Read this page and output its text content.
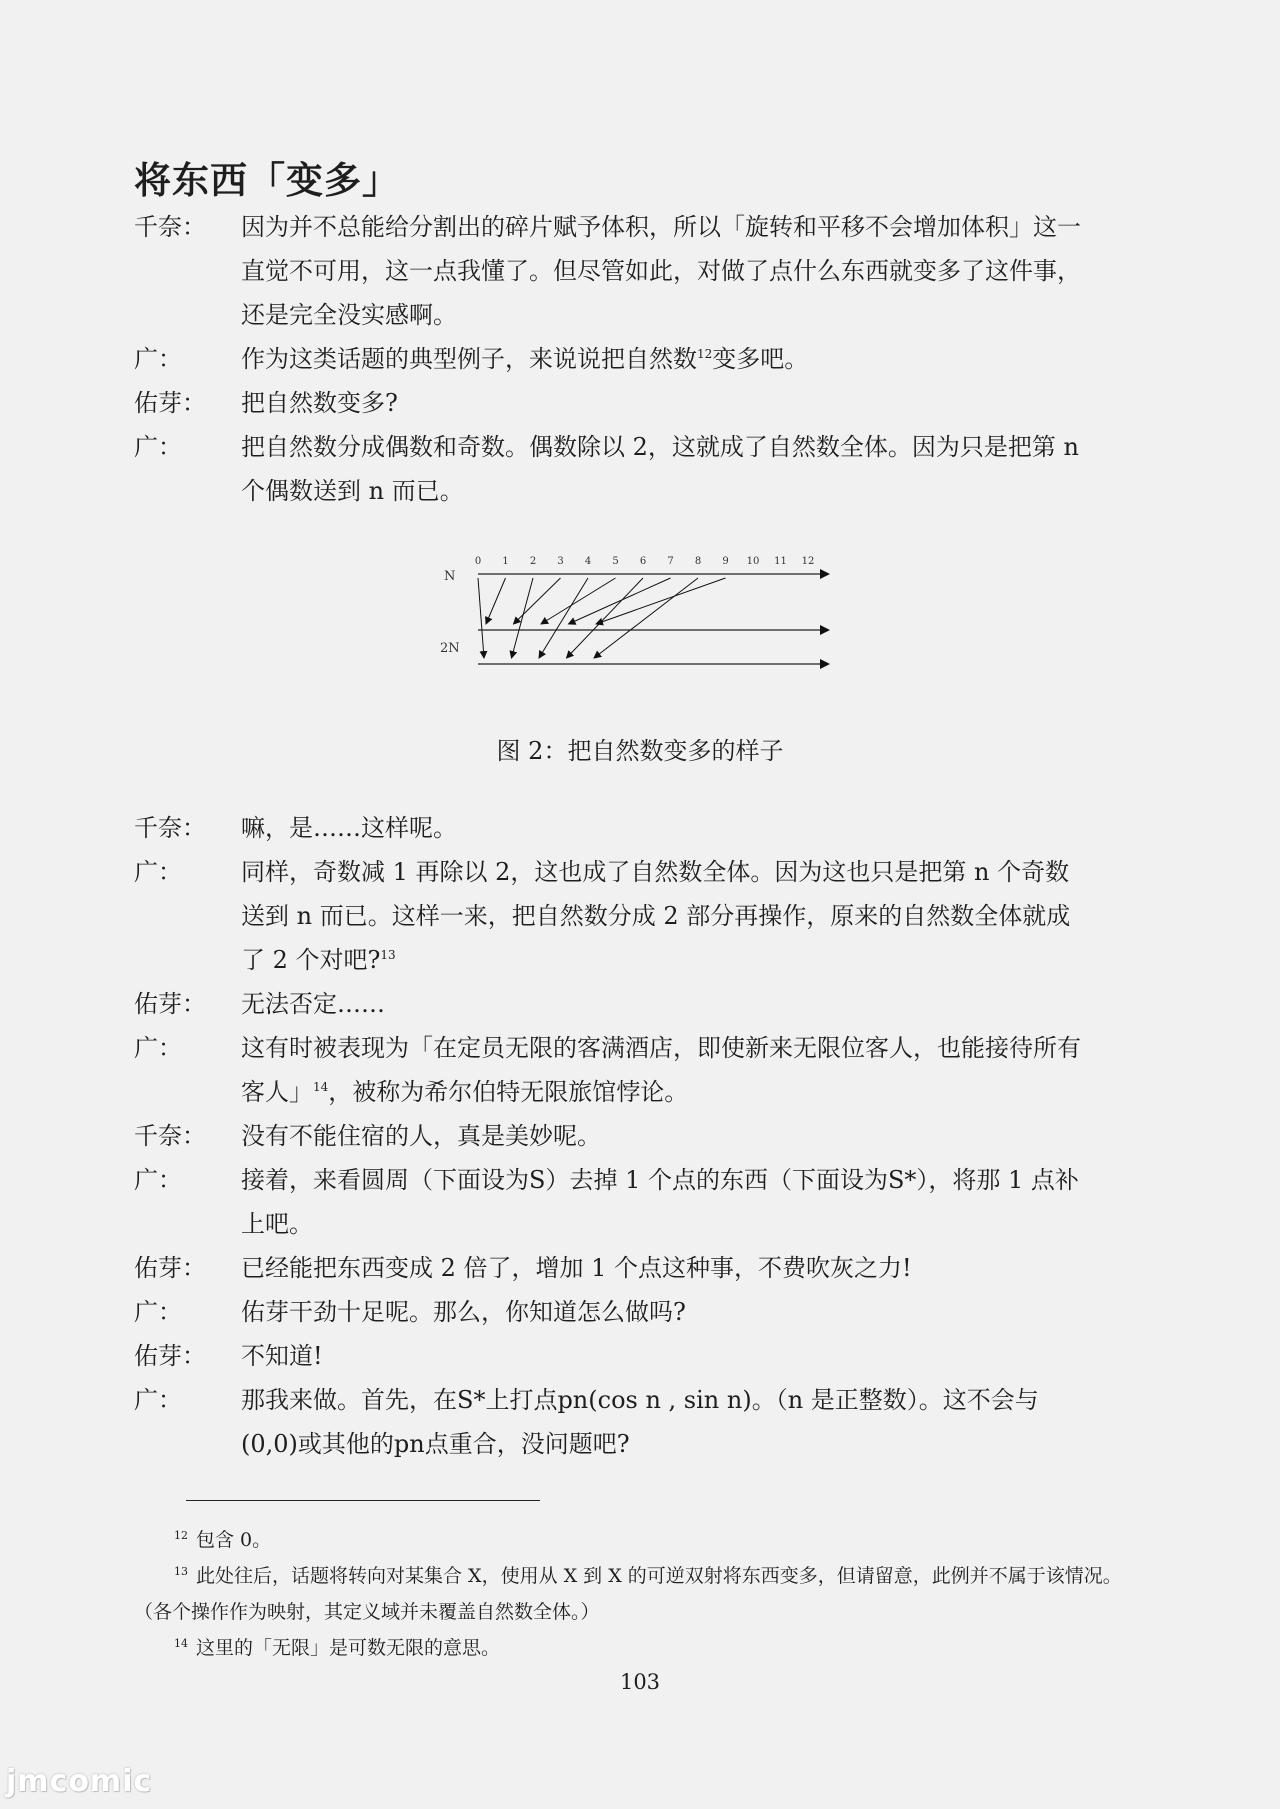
将东西「变多」
千奈： 因为并不总能给分割出的碎片赋予体积，所以「旋转和平移不会增加体积」这一直觉不可用，这一点我懂了。但尽管如此，对做了点什么东西就变多了这件事，还是完全没实感啊。
广： 作为这类话题的典型例子，来说说把自然数$^{12}$变多吧。
佑芽： 把自然数变多?
广： 把自然数分成偶数和奇数。偶数除以 2，这就成了自然数全体。因为只是把第 n 个偶数送到 n 而已。
N
2N
0 1 2 3 4 5 6 7 8 9 10 11 12
图 2：把自然数变多的样子
千奈： 嘛，是……这样呢。
广： 同样，奇数减 1 再除以 2，这也成了自然数全体。因为这也只是把第 n 个奇数送到 n 而已。这样一来，把自然数分成 2 部分再操作，原来的自然数全体就成了 2 个对吧?$^{13}$
佑芽： 无法否定……
广： 这有时被表现为「在定员无限的客满酒店，即使新来无限位客人，也能接待所有客人」$^{14}$，被称为希尔伯特无限旅馆悖论。
千奈： 没有不能住宿的人，真是美妙呢。
广： 接着，来看圆周（下面设为S）去掉 1 个点的东西（下面设为S*），将那 1 点补上吧。
佑芽： 已经能把东西变成 2 倍了，增加 1 个点这种事，不费吹灰之力!
广： 佑芽干劲十足呢。那么，你知道怎么做吗?
佑芽： 不知道!
广： 那我来做。首先，在S*上打点pn(cos n , sin n)。（n 是正整数）。这不会与(0,0)或其他的pn点重合，没问题吧?
$^{12}$ 包含 0。
$^{13}$ 此处往后，话题将转向对某集合 X，使用从 X 到 X 的可逆双射将东西变多，但请留意，此例并不属于该情况。（各个操作作为映射，其定义域并未覆盖自然数全体。）
$^{14}$ 这里的「无限」是可数无限的意思。
103
jmcomic
